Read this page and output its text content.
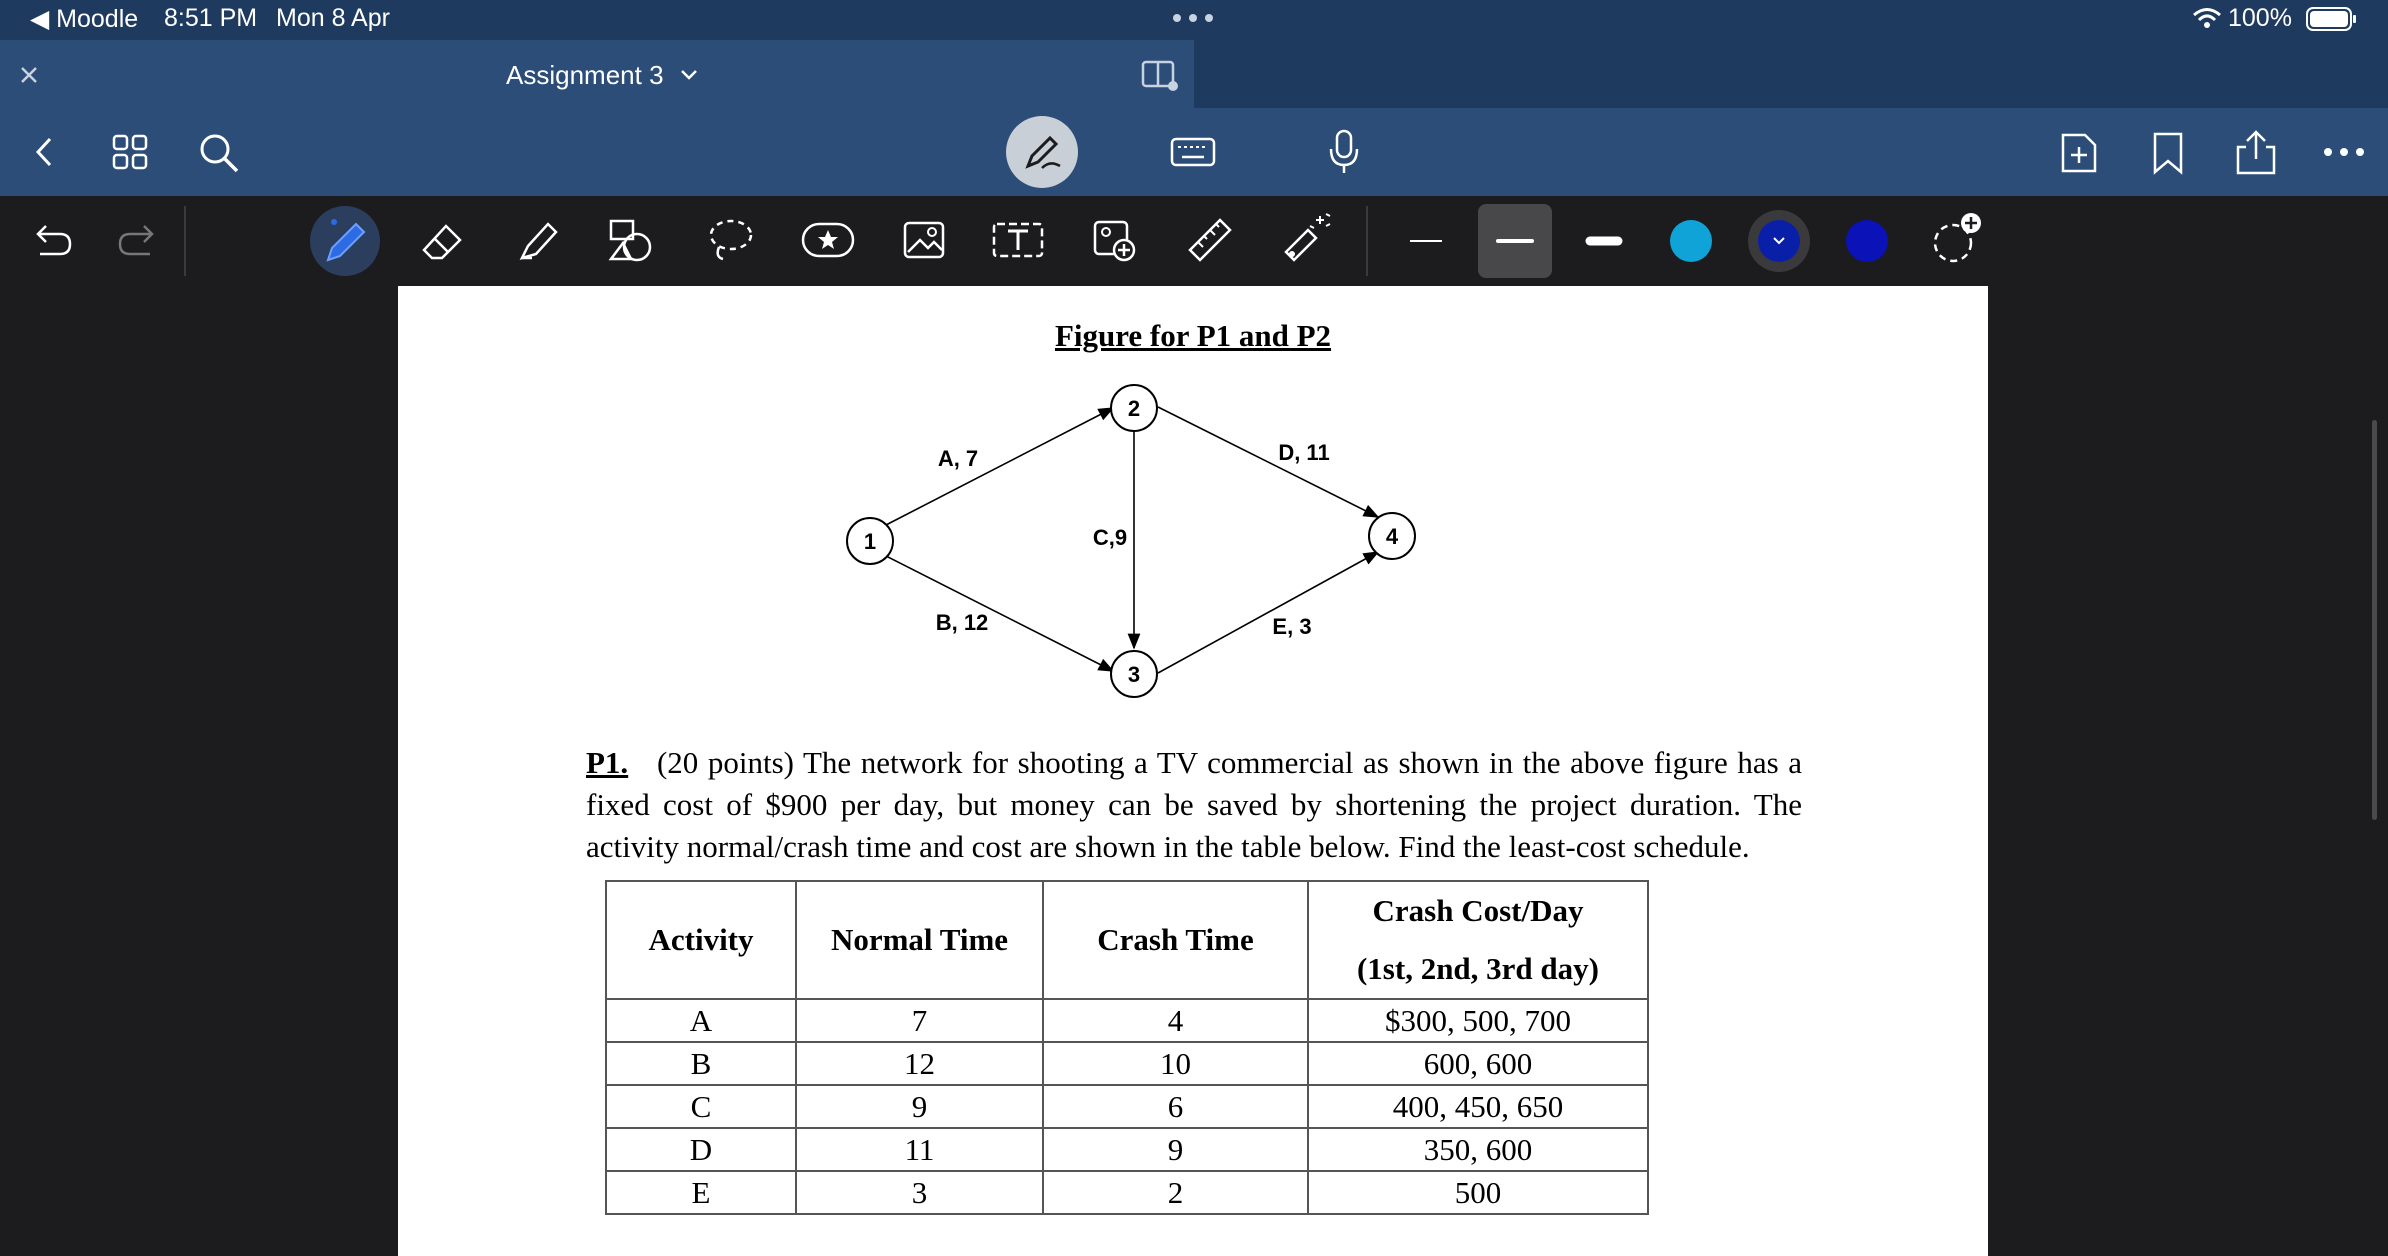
◀ Moodle 8:51 PM Mon 8 Apr	100%
Assignment 3
Figure for P1 and P2
1
2
3
4
A, 7
B, 12
C,9
D, 11
E, 3
P1. (20 points) The network for shooting a TV commercial as shown in the above figure has a fixed cost of $900 per day, but money can be saved by shortening the project duration. The activity normal/crash time and cost are shown in the table below. Find the least-cost schedule.
Activity	Normal Time	Crash Time	Crash Cost/Day
(1st, 2nd, 3rd day)

A	7	4	$300, 500, 700
B	12	10	600, 600
C	9	6	400, 450, 650
D	11	9	350, 600
E	3	2	500
